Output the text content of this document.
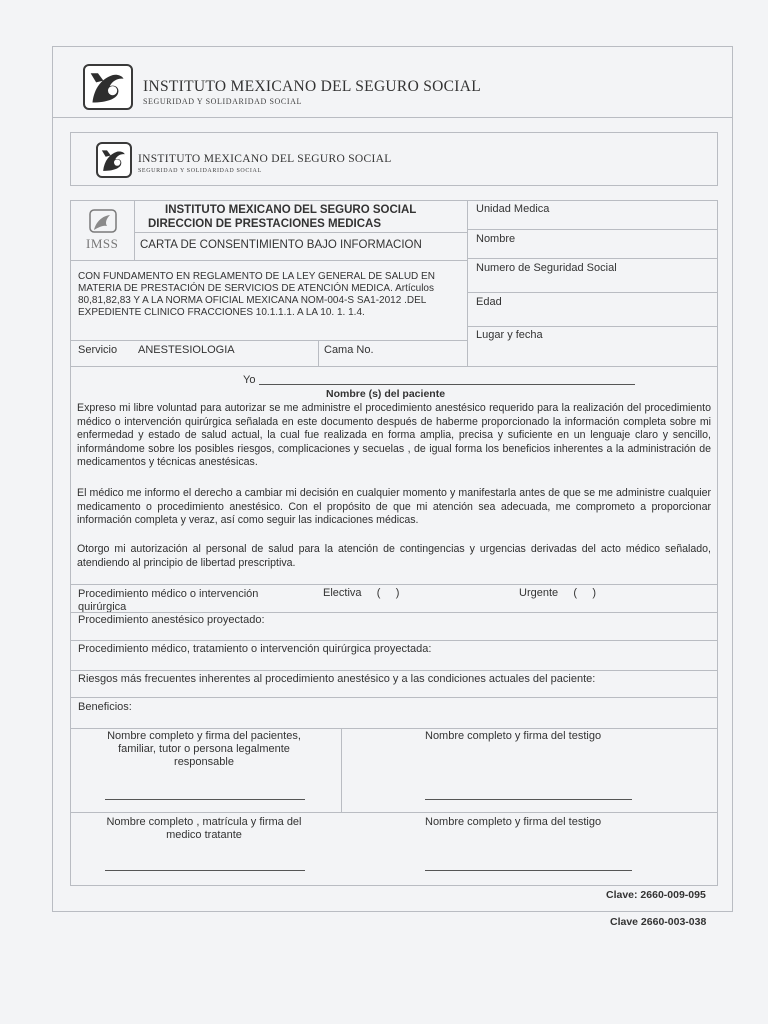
INSTITUTO MEXICANO DEL SEGURO SOCIAL
SEGURIDAD Y SOLIDARIDAD SOCIAL
INSTITUTO MEXICANO DEL SEGURO SOCIAL
SEGURIDAD Y SOLIDARIDAD SOCIAL
IMSS
INSTITUTO MEXICANO DEL SEGURO SOCIAL
DIRECCION DE PRESTACIONES MEDICAS
CARTA DE CONSENTIMIENTO BAJO INFORMACION
CON FUNDAMENTO EN REGLAMENTO DE LA LEY GENERAL DE SALUD EN MATERIA DE PRESTACIÓN DE SERVICIOS DE ATENCIÓN MEDICA. Artículos 80,81,82,83 Y A LA NORMA OFICIAL MEXICANA NOM-004-S SA1-2012 .DEL EXPEDIENTE CLINICO FRACCIONES 10.1.1.1. A LA 10. 1. 1.4.
Servicio ANESTESIOLOGIA	Cama No.
Unidad Medica
Nombre
Numero de Seguridad Social
Edad
Lugar y fecha
Yo
Nombre (s) del paciente
Expreso mi libre voluntad para autorizar se me administre el procedimiento anestésico requerido para la realización del procedimiento médico o intervención quirúrgica señalada en este documento después de haberme proporcionado la información completa sobre mi enfermedad y estado de salud actual, la cual fue realizada en forma amplia, precisa y suficiente en un lenguaje claro y sencillo, informándome sobre los posibles riesgos, complicaciones y secuelas , de igual forma los beneficios inherentes a la administración de medicamentos y técnicas anestésicas.
El médico me informo el derecho a cambiar mi decisión en cualquier momento y manifestarla antes de que se me administre cualquier medicamento o procedimiento anestésico. Con el propósito de que mi atención sea adecuada, me comprometo a proporcionar información completa y veraz, así como seguir las indicaciones médicas.
Otorgo mi autorización al personal de salud para la atención de contingencias y urgencias derivadas del acto médico señalado, atendiendo al principio de libertad prescriptiva.
Procedimiento médico o intervención quirúrgica
Electiva     (     )	Urgente     (     )
Procedimiento anestésico proyectado:
Procedimiento médico, tratamiento o intervención quirúrgica proyectada:
Riesgos más frecuentes inherentes al procedimiento anestésico y a las condiciones actuales del paciente:
Beneficios:
Nombre completo y firma del pacientes, familiar, tutor o persona legalmente responsable
Nombre completo y firma del testigo
Nombre completo , matrícula y firma del medico tratante
Nombre completo y firma del testigo
Clave: 2660-009-095
Clave 2660-003-038
